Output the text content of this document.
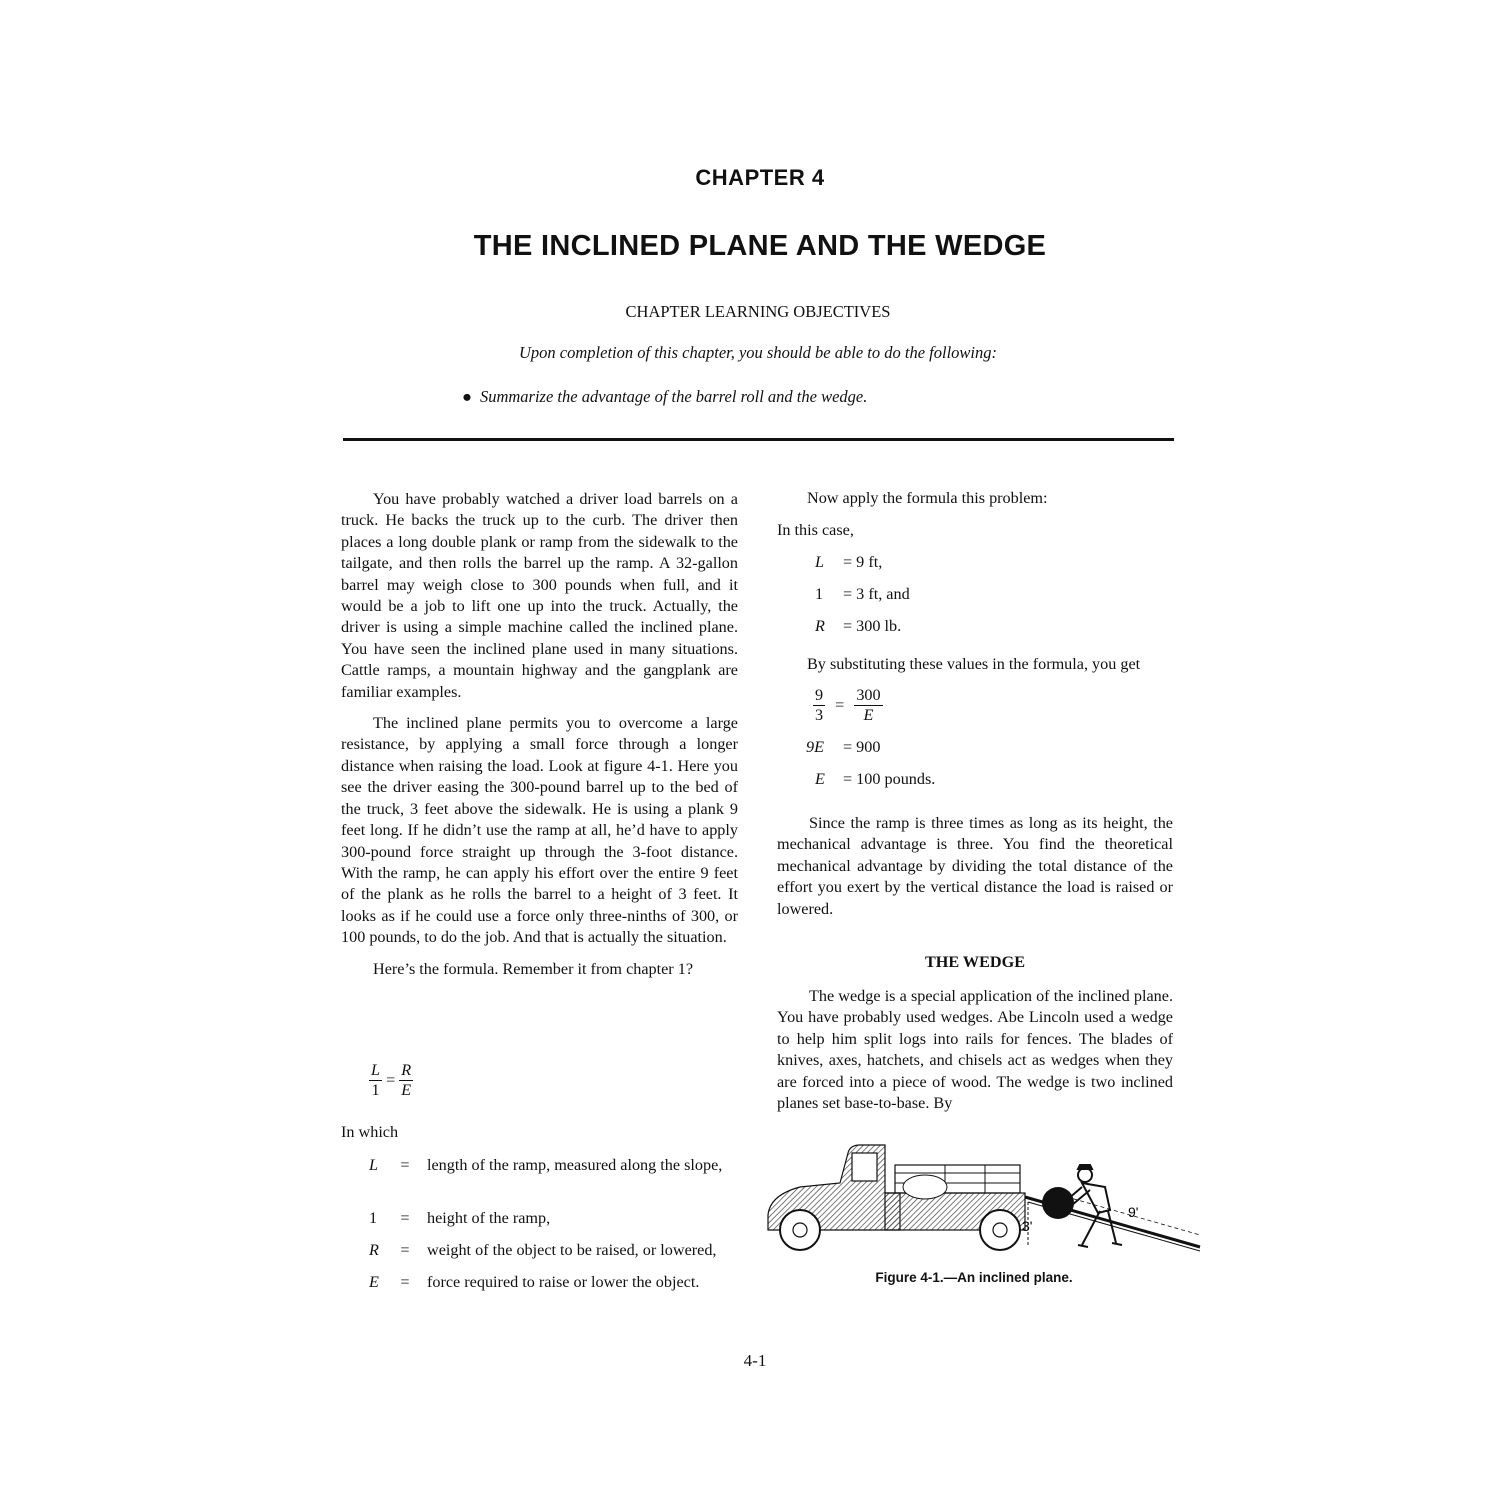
CHAPTER 4
THE INCLINED PLANE AND THE WEDGE
CHAPTER LEARNING OBJECTIVES
Upon completion of this chapter, you should be able to do the following:
● Summarize the advantage of the barrel roll and the wedge.

You have probably watched a driver load barrels on a truck. He backs the truck up to the curb. The driver then places a long double plank or ramp from the sidewalk to the tailgate, and then rolls the barrel up the ramp. A 32-gallon barrel may weigh close to 300 pounds when full, and it would be a job to lift one up into the truck. Actually, the driver is using a simple machine called the inclined plane. You have seen the inclined plane used in many situations. Cattle ramps, a mountain highway and the gangplank are familiar examples.

The inclined plane permits you to overcome a large resistance, by applying a small force through a longer distance when raising the load. Look at figure 4-1. Here you see the driver easing the 300-pound barrel up to the bed of the truck, 3 feet above the sidewalk. He is using a plank 9 feet long. If he didn’t use the ramp at all, he’d have to apply 300-pound force straight up through the 3-foot distance. With the ramp, he can apply his effort over the entire 9 feet of the plank as he rolls the barrel to a height of 3 feet. It looks as if he could use a force only three-ninths of 300, or 100 pounds, to do the job. And that is actually the situation.

Here’s the formula. Remember it from chapter 1?

$\frac{L}{1} = \frac{R}{E}$
In which
L	= length of the ramp, measured along the slope,
1	= height of the ramp,
R	= weight of the object to be raised, or lowered,
E	= force required to raise or lower the object.
Now apply the formula this problem:
In this case,
L = 9 ft,
1 = 3 ft, and
R = 300 lb.
By substituting these values in the formula, you get
$\frac{9}{3} = \frac{300}{E}$
9E = 900
E = 100 pounds.

Since the ramp is three times as long as its height, the mechanical advantage is three. You find the theoretical mechanical advantage by dividing the total distance of the effort you exert by the vertical distance the load is raised or lowered.

THE WEDGE

The wedge is a special application of the inclined plane. You have probably used wedges. Abe Lincoln used a wedge to help him split logs into rails for fences. The blades of knives, axes, hatchets, and chisels act as wedges when they are forced into a piece of wood. The wedge is two inclined planes set base-to-base. By

3'
9'
Figure 4-1.—An inclined plane.
4-1
